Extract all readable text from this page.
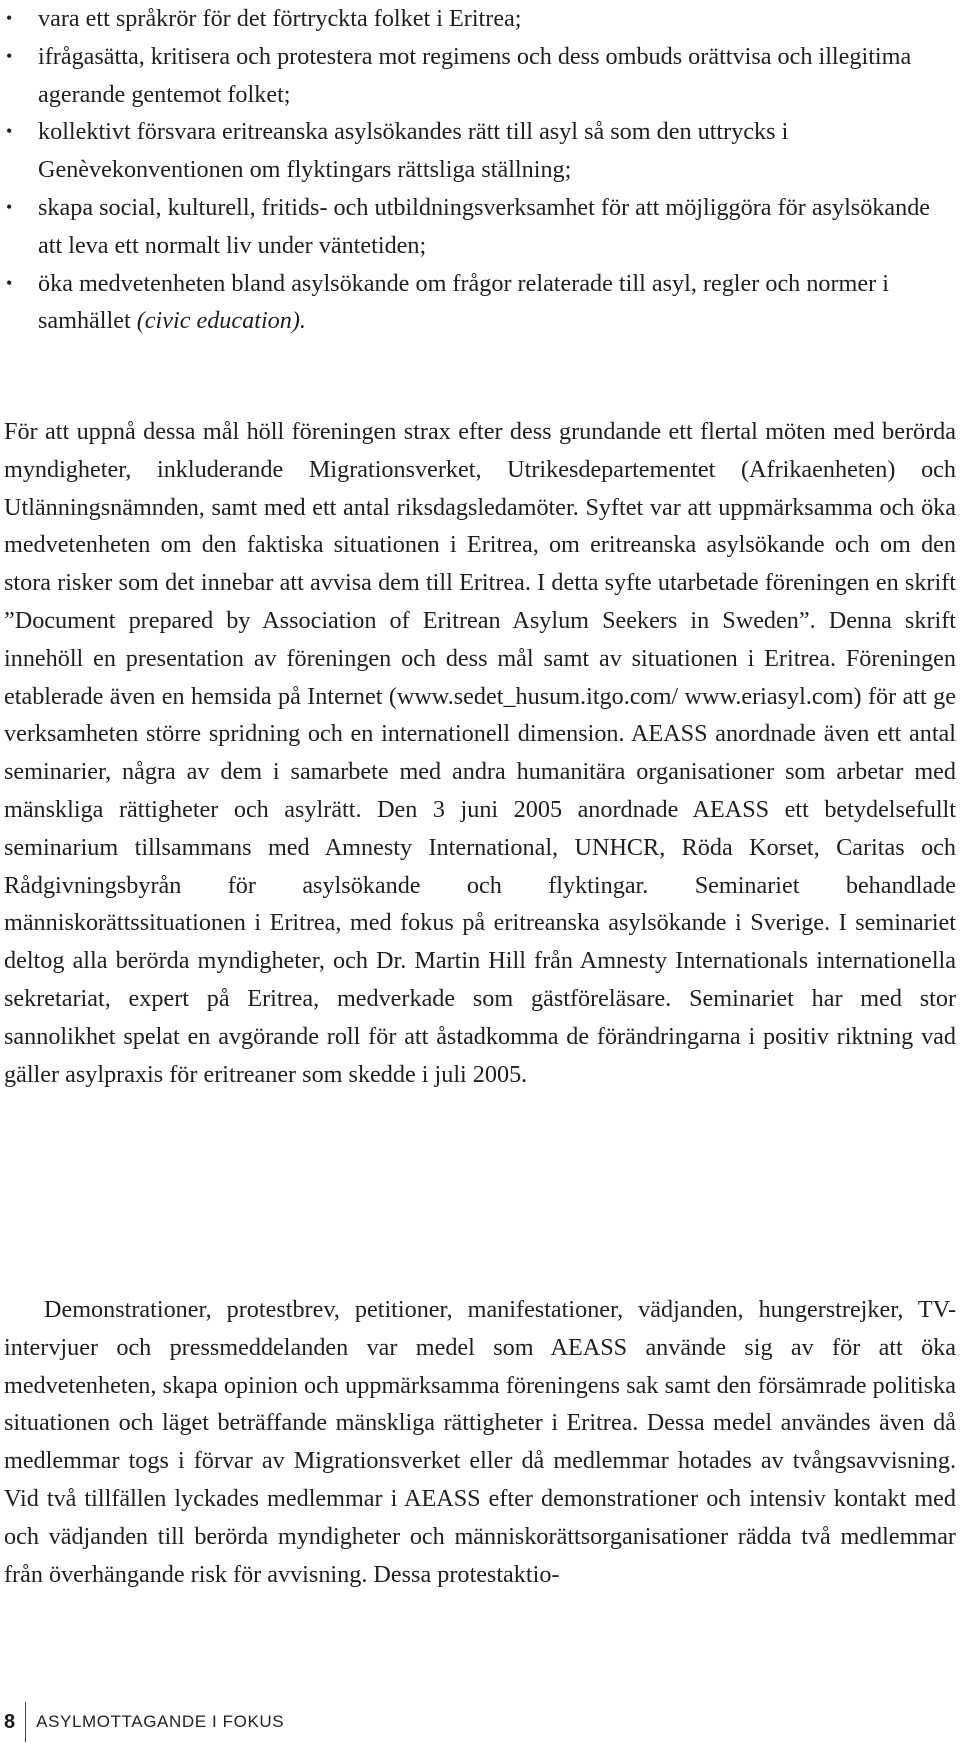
• vara ett språkrör för det förtryckta folket i Eritrea;
• ifrågasätta, kritisera och protestera mot regimens och dess ombuds orättvisa och illegitima agerande gentemot folket;
• kollektivt försvara eritreanska asylsökandes rätt till asyl så som den uttrycks i Genèvekonventionen om flyktingars rättsliga ställning;
• skapa social, kulturell, fritids- och utbildningsverksamhet för att möjliggöra för asylsökande att leva ett normalt liv under väntetiden;
• öka medvetenheten bland asylsökande om frågor relaterade till asyl, regler och normer i samhället (civic education).

För att uppnå dessa mål höll föreningen strax efter dess grundande ett flertal möten med berörda myndigheter, inkluderande Migrationsverket, Utrikesdepartementet (Afrikaenheten) och Utlänningsnämnden, samt med ett antal riksdagsledamöter. Syftet var att uppmärksamma och öka medvetenheten om den faktiska situationen i Eritrea, om eritreanska asylsökande och om den stora risker som det innebar att avvisa dem till Eritrea. I detta syfte utarbetade föreningen en skrift ”Document prepared by Association of Eritrean Asylum Seekers in Sweden”. Denna skrift innehöll en presentation av föreningen och dess mål samt av situationen i Eritrea. Föreningen etablerade även en hemsida på Internet (www.sedet_husum.itgo.com/ www.eriasyl.com) för att ge verksamheten större spridning och en internationell dimension. AEASS anordnade även ett antal seminarier, några av dem i samarbete med andra humanitära organisationer som arbetar med mänskliga rättigheter och asylrätt. Den 3 juni 2005 anordnade AEASS ett betydelsefullt seminarium tillsammans med Amnesty International, UNHCR, Röda Korset, Caritas och Rådgivningsbyrån för asylsökande och flyktingar. Seminariet behandlade människorättssituationen i Eritrea, med fokus på eritreanska asylsökande i Sverige. I seminariet deltog alla berörda myndigheter, och Dr. Martin Hill från Amnesty Internationals internationella sekretariat, expert på Eritrea, medverkade som gästföreläsare. Seminariet har med stor sannolikhet spelat en avgörande roll för att åstadkomma de förändringarna i positiv riktning vad gäller asylpraxis för eritreaner som skedde i juli 2005.

Demonstrationer, protestbrev, petitioner, manifestationer, vädjanden, hungerstrejker, TV-intervjuer och pressmeddelanden var medel som AEASS använde sig av för att öka medvetenheten, skapa opinion och uppmärksamma föreningens sak samt den försämrade politiska situationen och läget beträffande mänskliga rättigheter i Eritrea. Dessa medel användes även då medlemmar togs i förvar av Migrationsverket eller då medlemmar hotades av tvångsavvisning. Vid två tillfällen lyckades medlemmar i AEASS efter demonstrationer och intensiv kontakt med och vädjanden till berörda myndigheter och människorättsorganisationer räddа två medlemmar från överhängande risk för avvisning. Dessa protestaktio-

8	ASYLMOTTAGANDE I FOKUS
